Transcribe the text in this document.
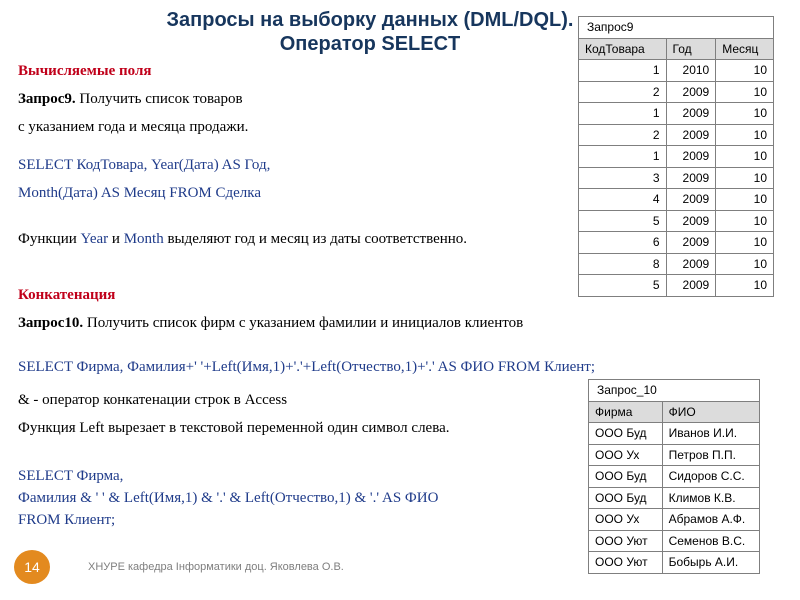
Запросы на выборку данных (DML/DQL).
Оператор SELECT
Вычисляемые поля
Запрос9. Получить список товаров
с указанием года и месяца продажи.
SELECT КодТовара, Year(Дата) AS Год,
Month(Дата) AS Месяц FROM Сделка
Функции Year и Month выделяют год и месяц из даты соответственно.
Конкатенация
Запрос10. Получить список фирм с указанием фамилии и инициалов клиентов
SELECT Фирма, Фамилия+' '+Left(Имя,1)+'.'+Left(Отчество,1)+'.' AS ФИО FROM Клиент;
& - оператор конкатенации строк в Access
Функция Left вырезает в текстовой переменной один символ слева.
SELECT Фирма,
Фамилия & ' ' & Left(Имя,1) & '.' & Left(Отчество,1) & '.' AS ФИО
FROM Клиент;
Запрос9		
КодТовара	Год	Месяц
1	2010	10
2	2009	10
1	2009	10
2	2009	10
1	2009	10
3	2009	10
4	2009	10
5	2009	10
6	2009	10
8	2009	10
5	2009	10
Запрос_10	
Фирма	ФИО
ООО Буд	Иванов И.И.
ООО Ух	Петров П.П.
ООО Буд	Сидоров С.С.
ООО Буд	Климов К.В.
ООО Ух	Абрамов А.Ф.
ООО Уют	Семенов В.С.
ООО Уют	Бобырь А.И.
14	ХНУРЕ кафедра Інформатики доц. Яковлева О.В.
